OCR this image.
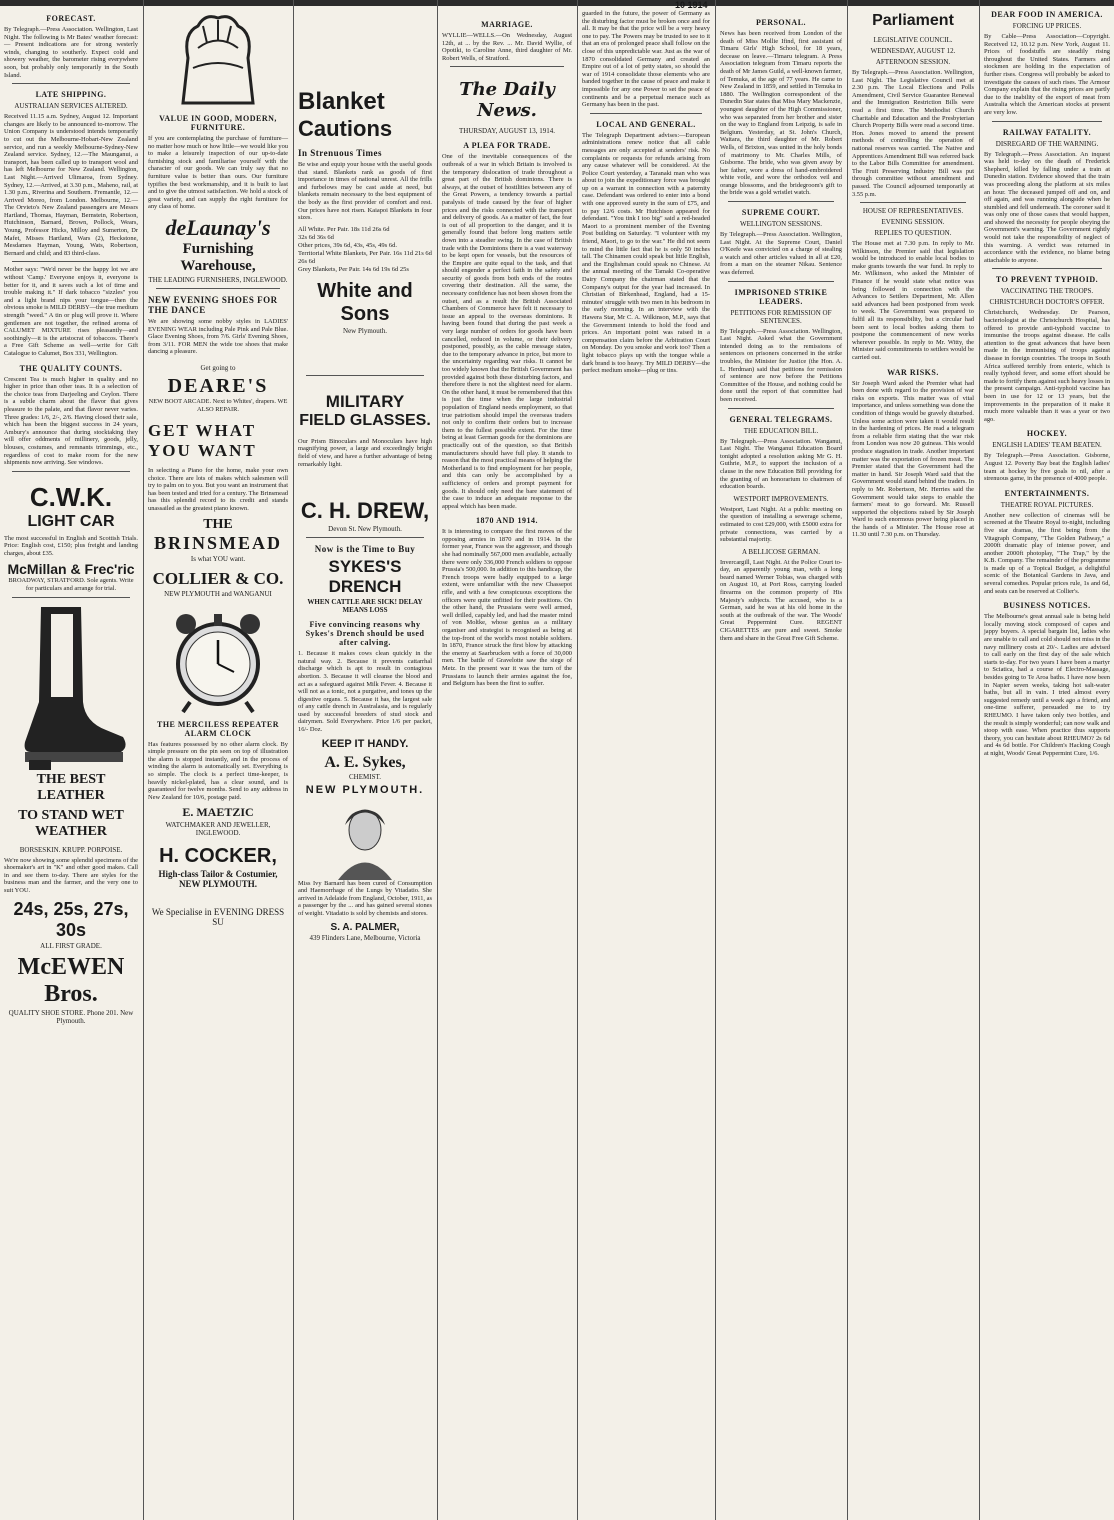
10 1914
FORECAST.

By Telegraph.—Press Association. Wellington, Last Night. The following is Mr Bates' weather forecast:— Present indications are for strong westerly winds, changing to southerly. Expect cold and showery weather, the barometer rising everywhere soon, but probably only temporarily in the South Island.

LATE SHIPPING.
AUSTRALIAN SERVICES ALTERED.

Received 11.15 a.m. Sydney, August 12. Important changes are likely to be announced to-morrow. The Union Company is understood intends temporarily to cut out the Melbourne-Hobart-New Zealand service, and run a weekly Melbourne-Sydney-New Zealand service. Sydney, 12.—The Maunganui, a transport, has been called up to transport wool and has left Melbourne for New Zealand. Wellington, Last Night.—Arrived Ulimaroa, from Sydney. Sydney, 12.—Arrived, at 3.30 p.m., Maheno, rail, at 1.30 p.m., Riverina and Southern. Fremantle, 12.—Arrived Moreo, from London. Melbourne, 12.—The Orvieto's New Zealand passengers are Messrs Hartland, Thomas, Hayman, Bernstein, Robertson, Hutchinson, Barnard, Brown, Pollock, Wears, Young, Professor Hicks, Milloy and Sumerton, Dr Mafet, Misses Hartland, Wars (2), Heckstone, Mesdames Hayman, Young, Wats, Robertson, Bernard and child; and 83 third-class.

Mother says: "We'd never be the happy lot we are without 'Camp.' Everyone enjoys it, everyone is better for it, and it saves such a lot of time and trouble making it." If dark tobacco "sizzles" you and a light brand nips your tongue—then the obvious smoke is MILD DERBY—the true medium strength "weed." A tin or plug will prove it. Where gentlemen are not together, the refined aroma of CALUMET MIXTURE rises pleasantly—and soothingly—it is the aristocrat of tobaccos. There's a Free Gift Scheme as well—write for Gift Catalogue to Calumet, Box 331, Wellington.

THE QUALITY COUNTS.

Crescent Tea is much higher in quality and no higher in price than other teas. It is a selection of the choice teas from Darjeeling and Ceylon. There is a subtle charm about the flavor that gives pleasure to the palate, and that flavor never varies. Three grades: 1/6, 2/-, 2/6. Having closed their sale, which has been the biggest success in 24 years, Ambury's announce that during stocktaking they will offer oddments of millinery, goods, jelly, blouses, costumes, and remnants trimmings, etc., regardless of cost to make room for the new shipments now arriving. See windows.

C.W.K.
LIGHT CAR

The most successful in English and Scottish Trials. Price: English cost, £150; plus freight and landing charges, about £35.

McMillan & Frec'ric

BROADWAY, STRATFORD. Sole agents. Write for particulars and arrange for trial.

THE BEST LEATHER
TO STAND WET WEATHER
BORSESKIN. KRUPP. PORPOISE.

We're now showing some splendid specimens of the shoemaker's art in "K" and other good makes. Call in and see them to-day. There are styles for the business man and the farmer, and the very one to suit YOU.

24s, 25s, 27s, 30s
ALL FIRST GRADE.
McEWEN Bros.
QUALITY SHOE STORE. Phone 201. New Plymouth.
VALUE IN GOOD, MODERN, FURNITURE.

If you are contemplating the purchase of furniture—no matter how much or how little—we would like you to make a leisurely inspection of our up-to-date furnishing stock and familiarise yourself with the character of our goods. We can truly say that no furniture value is better than ours. Our furniture typifies the best workmanship, and it is built to last and to give the utmost satisfaction. We hold a stock of great variety, and can supply the right furniture for any class of home.

deLaunay's
Furnishing Warehouse,
THE LEADING FURNISHERS, INGLEWOOD.
NEW EVENING SHOES FOR THE DANCE

We are showing some nobby styles in LADIES' EVENING WEAR including Pale Pink and Pale Blue. Glace Evening Shoes, from 7/6. Girls' Evening Shoes, from 3/11. FOR MEN the wide toe shoes that make dancing a pleasure.

Get going to
DEARE'S

NEW BOOT ARCADE. Next to Whites', drapers. WE ALSO REPAIR.

GET WHAT YOU WANT

In selecting a Piano for the home, make your own choice. There are lots of makes which salesmen will try to palm on to you. But you want an instrument that has been tested and tried for a century. The Brinsmead has this splendid record to its credit and stands unassailed as the greatest piano known.

THE
BRINSMEAD
Is what YOU want.
COLLIER & CO.
NEW PLYMOUTH and WANGANUI
THE MERCILESS REPEATER ALARM CLOCK

Has features possessed by no other alarm clock. By simple pressure on the pin seen on top of illustration the alarm is stopped instantly, and in the process of winding the alarm is automatically set. Everything is so simple. The clock is a perfect time-keeper, is heavily nickel-plated, has a clear sound, and is guaranteed for twelve months. Send to any address in New Zealand for 10/6, postage paid.

E. MAETZIC
WATCHMAKER AND JEWELLER, INGLEWOOD.
H. COCKER,
High-class Tailor & Costumier, NEW PLYMOUTH.
We Specialise in EVENING DRESS SU
Blanket
Cautions
In Strenuous Times

Be wise and equip your house with the useful goods that stand. Blankets rank as goods of first importance in times of national unrest. All the frills and furbelows may be cast aside at need, but blankets remain necessary to the best equipment of the body as the first provider of comfort and rest. Our prices have not risen. Kaiapoi Blankets in four sizes.

All White. Per Pair. 18s 11d 26s 6d
32s 6d 36s 6d
Other prices, 39s 6d, 43s, 45s, 49s 6d.
Territorial White Blankets, Per Pair. 16s 11d 21s 6d 26s 6d
Grey Blankets, Per Pair. 14s 6d 19s 6d 25s
White and Sons
New Plymouth.
MILITARY
FIELD GLASSES.

Our Prism Binoculars and Monoculars have high magnifying power, a large and exceedingly bright field of view, and have a further advantage of being remarkably light.

C. H. DREW,
Devon St. New Plymouth.
Now is the Time to Buy
SYKES'S DRENCH
WHEN CATTLE ARE SICK! DELAY MEANS LOSS
Five convincing reasons why Sykes's Drench should be used after calving.

1. Because it makes cows clean quickly in the natural way. 2. Because it prevents cattarrhal discharge which is apt to result in contagious abortion. 3. Because it will cleanse the blood and act as a safeguard against Milk Fever. 4. Because it will not as a tonic, not a purgative, and tones up the digestive organs. 5. Because it has, the largest sale of any cattle drench in Australasia, and is regularly used by successful breeders of stud stock and dairymen. Sold Everywhere. Price 1/6 per packet, 16/- Doz.

KEEP IT HANDY.
A. E. Sykes,
CHEMIST.
NEW PLYMOUTH.

Miss Ivy Barnard has been cured of Consumption and Haemorrhage of the Lungs by Vitadatio. She arrived in Adelaide from England, October, 1911, as a passenger by the ... and has gained several stones of weight. Vitadatio is sold by chemists and stores.

S. A. PALMER,
439 Flinders Lane, Melbourne, Victoria
MARRIAGE.

WYLLIE—WELLS.—On Wednesday, August 12th, at ... by the Rev. ... Mr. David Wyllie, of Opotiki, to Caroline Anne, third daughter of Mr. Robert Wells, of Stratford.

The Daily News.
THURSDAY, AUGUST 13, 1914.
A PLEA FOR TRADE.

One of the inevitable consequences of the outbreak of a war in which Britain is involved is the temporary dislocation of trade throughout a great part of the British dominions. There is always, at the outset of hostilities between any of the Great Powers, a tendency towards a partial paralysis of trade caused by the fear of higher prices and the risks connected with the transport and delivery of goods. As a matter of fact, the fear is out of all proportion to the danger, and it is generally found that before long matters settle down into a steadier swing. In the case of British trade with the Dominions there is a vast waterway to be kept open for vessels, but the resources of the Empire are quite equal to the task, and that should engender a perfect faith in the safety and security of goods from both ends of the routes covering their destination. All the same, the necessary confidence has not been shown from the outset, and as a result the British Associated Chambers of Commerce have felt it necessary to issue an appeal to the overseas dominions. It having been found that during the past week a very large number of orders for goods have been cancelled, reduced in volume, or their delivery postponed, possibly, as the cable message states, due to the temporary advance in price, but more to the uncertainty regarding war risks. It cannot be too widely known that the British Government has provided against both these disturbing factors, and therefore there is not the slightest need for alarm. On the other hand, it must be remembered that this is just the time when the large industrial population of England needs employment, so that true patriotism should impel the overseas traders not only to confirm their orders but to increase them to the fullest possible extent. For the time being at least German goods for the dominions are practically out of the question, so that British manufacturers should have full play. It stands to reason that the most practical means of helping the Motherland is to find employment for her people, and this can only be accomplished by a sufficiency of orders and prompt payment for goods. It should only need the bare statement of the case to induce an adequate response to the appeal which has been made.

1870 AND 1914.

It is interesting to compare the first moves of the opposing armies in 1870 and in 1914. In the former year, France was the aggressor, and though she had nominally 567,000 men available, actually there were only 336,000 French soldiers to oppose Prussia's 500,000. In addition to this handicap, the French troops were badly equipped to a large extent, were unfamiliar with the new Chassepot rifle, and with a few conspicuous exceptions the officers were quite unfitted for their positions. On the other hand, the Prussians were well armed, well drilled, capably led, and had the master mind of von Moltke, whose genius as a military organiser and strategist is recognised as being at the top-front of the world's most notable soldiers. In 1870, France struck the first blow by attacking the enemy at Saarbrucken with a force of 30,000 men. The battle of Gravelotte saw the siege of Metz. In the present war it was the turn of the Prussians to launch their armies against the foe, and Belgium has been the first to suffer.

guarded in the future, the power of Germany as the disturbing factor must be broken once and for all. It may be that the price will be a very heavy one to pay. The Powers may be trusted to see to it that an era of prolonged peace shall follow on the close of this unpredictable war. Just as the war of 1870 consolidated Germany and created an Empire out of a lot of petty states, so should the war of 1914 consolidate those elements who are banded together in the cause of peace and make it impossible for any one Power to set the peace of continents and be a perpetual menace such as Germany has been in the past.

LOCAL AND GENERAL.

The Telegraph Department advises:—European administrations renew notice that all cable messages are only accepted at senders' risk. No complaints or requests for refunds arising from any cause whatever will be considered. At the Police Court yesterday, a Taranaki man who was about to join the expeditionary force was brought up on a warrant in connection with a paternity case. Defendant was ordered to enter into a bond with one approved surety in the sum of £75, and to pay 12/6 costs. Mr Hutchison appeared for defendant. "You tink I too big" said a red-headed Maori to a prominent member of the Evening Post building on Saturday. "I volunteer with my friend, Maori, to go to the war." He did not seem to mind the little fact that he is only 50 inches tall. The Chinamen could speak but little English, and the Englishman could speak no Chinese. At the annual meeting of the Tamaki Co-operative Dairy Company the chairman stated that the Company's output for the year had increased. In Christian of Birkenhead, England, had a 15-minutes' struggle with two men in his bedroom in the early morning. In an interview with the Hawera Star, Mr C. A. Wilkinson, M.P., says that the Government intends to hold the food and prices. An important point was raised in a compensation claim before the Arbitration Court on Monday. Do you smoke and work too? Then a light tobacco plays up with the tongue while a dark brand is too heavy. Try MILD DERBY—the perfect medium smoke—plug or tins.

PERSONAL.

News has been received from London of the death of Miss Mollie Ifind, first assistant of Timaru Girls' High School, for 18 years, decease on leave.—Timaru telegram. A Press Association telegram from Timaru reports the death of Mr James Guild, a well-known farmer, of Temuka, at the age of 77 years. He came to New Zealand in 1859, and settled in Temuka in 1880. The Wellington correspondent of the Dunedin Star states that Miss Mary Mackenzie, youngest daughter of the High Commissioner, who was separated from her brother and sister on the way to England from Leipzig, is safe in Belgium. Yesterday, at St. John's Church, Waitara, the third daughter of Mr. Robert Wells, of Brixton, was united in the holy bonds of matrimony to Mr. Charles Mills, of Gisborne. The bride, who was given away by her father, wore a dress of hand-embroidered white voile, and wore the orthodox veil and orange blossoms, and the bridegroom's gift to the bride was a gold wristlet watch.

SUPREME COURT.
WELLINGTON SESSIONS.

By Telegraph.—Press Association. Wellington, Last Night. At the Supreme Court, Daniel O'Keefe was convicted on a charge of stealing a watch and other articles valued in all at £20, from a man on the steamer Nikau. Sentence was deferred.

IMPRISONED STRIKE LEADERS.
PETITIONS FOR REMISSION OF SENTENCES.

By Telegraph.—Press Association. Wellington, Last Night. Asked what the Government intended doing as to the remissions of sentences on prisoners concerned in the strike troubles, the Minister for Justice (the Hon. A. L. Herdman) said that petitions for remission of sentence are now before the Petitions Committee of the House, and nothing could be done until the report of that committee had been received.

GENERAL TELEGRAMS.
THE EDUCATION BILL.

By Telegraph.—Press Association. Wanganui, Last Night. The Wanganui Education Board tonight adopted a resolution asking Mr G. H. Guthrie, M.P., to support the inclusion of a clause in the new Education Bill providing for the granting of an honorarium to chairmen of education boards.

WESTPORT IMPROVEMENTS.

Westport, Last Night. At a public meeting on the question of installing a sewerage scheme, estimated to cost £29,000, with £5000 extra for private connections, was carried by a substantial majority.

A BELLICOSE GERMAN.

Invercargill, Last Night. At the Police Court to-day, an apparently young man, with a long beard named Werner Tobias, was charged with on August 10, at Port Ross, carrying loaded firearms on the common property of His Majesty's subjects. The accused, who is a German, said he was at his old home in the south at the outbreak of the war. The Woods' Great Peppermint Cure. REGENT CIGARETTES are pure and sweet. Smoke them and share in the Great Free Gift Scheme.

Parliament
LEGISLATIVE COUNCIL.
WEDNESDAY, AUGUST 12.
AFTERNOON SESSION.

By Telegraph.—Press Association. Wellington, Last Night. The Legislative Council met at 2.30 p.m. The Local Elections and Polls Amendment, Civil Service Guarantee Renewal and the Immigration Restriction Bills were read a first time. The Methodist Church Charitable and Education and the Presbyterian Church Property Bills were read a second time. Hon. Jones moved to amend the present methods of controlling the operation of national reserves was carried. The Native and Apprentices Amendment Bill was referred back to the Labor Bills Committee for amendment. The Fruit Preserving Industry Bill was put through committee without amendment and passed. The Council adjourned temporarily at 3.55 p.m.

HOUSE OF REPRESENTATIVES.
EVENING SESSION.
REPLIES TO QUESTION.

The House met at 7.30 p.m. In reply to Mr. Wilkinson, the Premier said that legislation would be introduced to enable local bodies to make grants towards the war fund. In reply to Mr. Wilkinson, who asked the Minister of Finance if he would state what notice was being followed in connection with the Advances to Settlers Department, Mr. Allen said advances had been postponed from week to week. The Government was prepared to fulfil all its responsibility, but a circular had been sent to local bodies asking them to postpone the commencement of new works wherever possible. In reply to Mr. Witty, the Minister said commitments to settlers would be carried out.

WAR RISKS.

Sir Joseph Ward asked the Premier what had been done with regard to the provision of war risks on exports. This matter was of vital importance, and unless something was done the condition of things would be gravely disturbed. Unless some action were taken it would result in the hardening of prices. He read a telegram from a reliable firm stating that the war risk from London was now 20 guineas. This would produce stagnation in trade. Another important matter was the exportation of frozen meat. The Premier stated that the Government had the matter in hand. Sir Joseph Ward said that the Government would stand behind the traders. In reply to Mr. Robertson, Mr. Herries said the Government would take steps to enable the farmers' meat to go forward. Mr. Russell supported the objections raised by Sir Joseph Ward to such enormous power being placed in the hands of a Minister. The House rose at 11.30 until 7.30 p.m. on Thursday.

DEAR FOOD IN AMERICA.
FORCING UP PRICES.

By Cable—Press Association—Copyright. Received 12, 10.12 p.m. New York, August 11. Prices of foodstuffs are steadily rising throughout the United States. Farmers and stockmen are holding in the expectation of further rises. Congress will probably be asked to investigate the causes of such rises. The Armour Company explain that the rising prices are partly due to the inability of the export of meat from Australia which the American stocks at present are very low.

RAILWAY FATALITY.
DISREGARD OF THE WARNING.

By Telegraph.—Press Association. An inquest was held to-day on the death of Frederick Shepherd, killed by falling under a train at Dunedin station. Evidence showed that the train was proceeding along the platform at six miles an hour. The deceased jumped off and on, and off again, and was running alongside when he stumbled and fell underneath. The coroner said it was only one of those cases that would happen, and showed the necessity for people obeying the Government's warning. The Government rightly would not take the responsibility of neglect of this warning. A verdict was returned in accordance with the evidence, no blame being attachable to anyone.

TO PREVENT TYPHOID.
VACCINATING THE TROOPS.
CHRISTCHURCH DOCTOR'S OFFER.

Christchurch, Wednesday. Dr Pearson, bacteriologist at the Christchurch Hospital, has offered to provide anti-typhoid vaccine to immunise the troops against disease. He calls attention to the great advances that have been made in the immunising of troops against disease in foreign countries. The troops in South Africa suffered terribly from enteric, which is really typhoid fever, and some effort should be made to fortify them against such heavy losses in the present campaign. Anti-typhoid vaccine has been in use for 12 or 13 years, but the improvements in the preparation of it make it much more valuable than it was a year or two ago.

HOCKEY.
ENGLISH LADIES' TEAM BEATEN.

By Telegraph.—Press Association. Gisborne, August 12. Poverty Bay beat the English ladies' team at hockey by five goals to nil, after a strenuous game, in the presence of 4000 people.

ENTERTAINMENTS.
THEATRE ROYAL PICTURES.

Another new collection of cinemas will be screened at the Theatre Royal to-night, including five star dramas, the first being from the Vitagraph Company, "The Golden Pathway," a 2000ft dramatic play of intense power, and another 2000ft photoplay, "The Trap," by the K.B. Company. The remainder of the programme is made up of a Topical Budget, a delightful scenic of the Botanical Gardens in Java, and several comedies. Popular prices rule, 1s and 6d, and seats can be reserved at Collier's.

BUSINESS NOTICES.

The Melbourne's great annual sale is being held locally moving stock composed of capes and jappy buyers. A special bargain list, ladies who are unable to call and cold should not miss in the navy millinery costs at 20/-. Ladies are advised to call early on the first day of the sale which starts to-day. For two years I have been a martyr to Sciatica, had a course of Electro-Massage, besides going to Te Aroa baths. I have now been in Napier seven weeks, taking hot salt-water baths, but all in vain. I tried almost every suggested remedy until a week ago a friend, and one-time sufferer, persuaded me to try RHEUMO. I have taken only two bottles, and the result is simply wonderful; can now walk and stoop with ease. When practice thus supports theory, you can hesitate about RHEUMO? 2s 6d and 4s 6d bottle. For Children's Hacking Cough at night, Woods' Great Peppermint Cure, 1/6.
